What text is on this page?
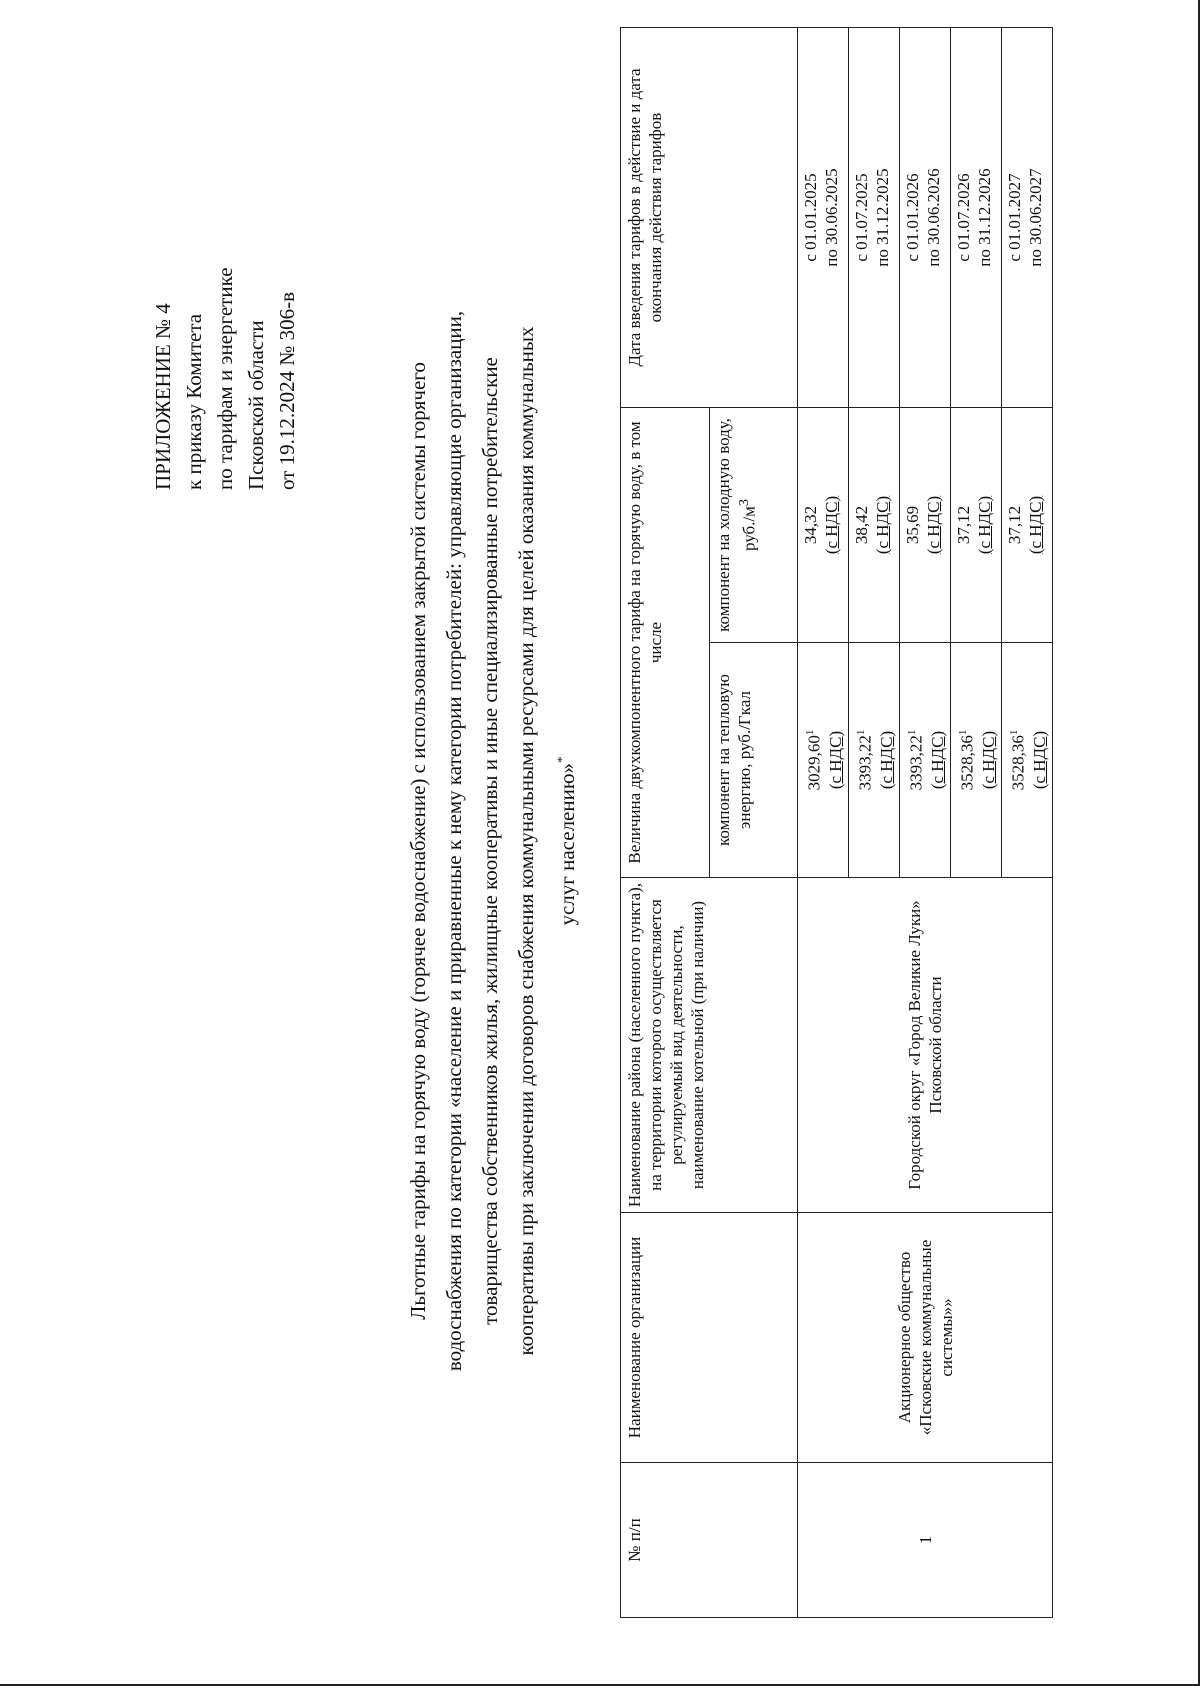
ПРИЛОЖЕНИЕ № 4 к приказу Комитета по тарифам и энергетике Псковской области от 19.12.2024 № 306-в	Льготные тарифы на горячую воду (горячее водоснабжение) с использованием закрытой системы горячего водоснабжения по категории «население и приравненные к нему категории потребителей: управляющие организации, товарищества собственников жилья, жилищные кооперативы и иные специализированные потребительские кооперативы при заключении договоров снабжения коммунальными ресурсами для целей оказания коммунальных услуг населению»*
№ п/п	Наименование организации	Наименование района (населенного пункта), на территории которого осуществляется регулируемый вид деятельности, наименование котельной (при наличии)	Величина двухкомпонентного тарифа на горячую воду, в том числе		Дата введения тарифов в действие и дата окончания действия тарифов
			компонент на тепловую энергию, руб./Гкал	компонент на холодную воду, $руб./м^3$
1	Акционерное общество «Псковские коммунальные системы»»	Городской округ «Город Великие Луки» Псковской области	3029,60$^1$ (с НДС)	34,32 (с НДС)	с 01.01.2025 по 30.06.2025
			3393,22$^1$ (с НДС)	38,42 (с НДС)	с 01.07.2025 по 31.12.2025
			3393,22$^1$ (с НДС)	35,69 (с НДС)	с 01.01.2026 по 30.06.2026
			3528,36$^1$ (с НДС)	37,12 (с НДС)	с 01.07.2026 по 31.12.2026
			3528,36$^1$ (с НДС)	37,12 (с НДС)	с 01.01.2027 по 30.06.2027
